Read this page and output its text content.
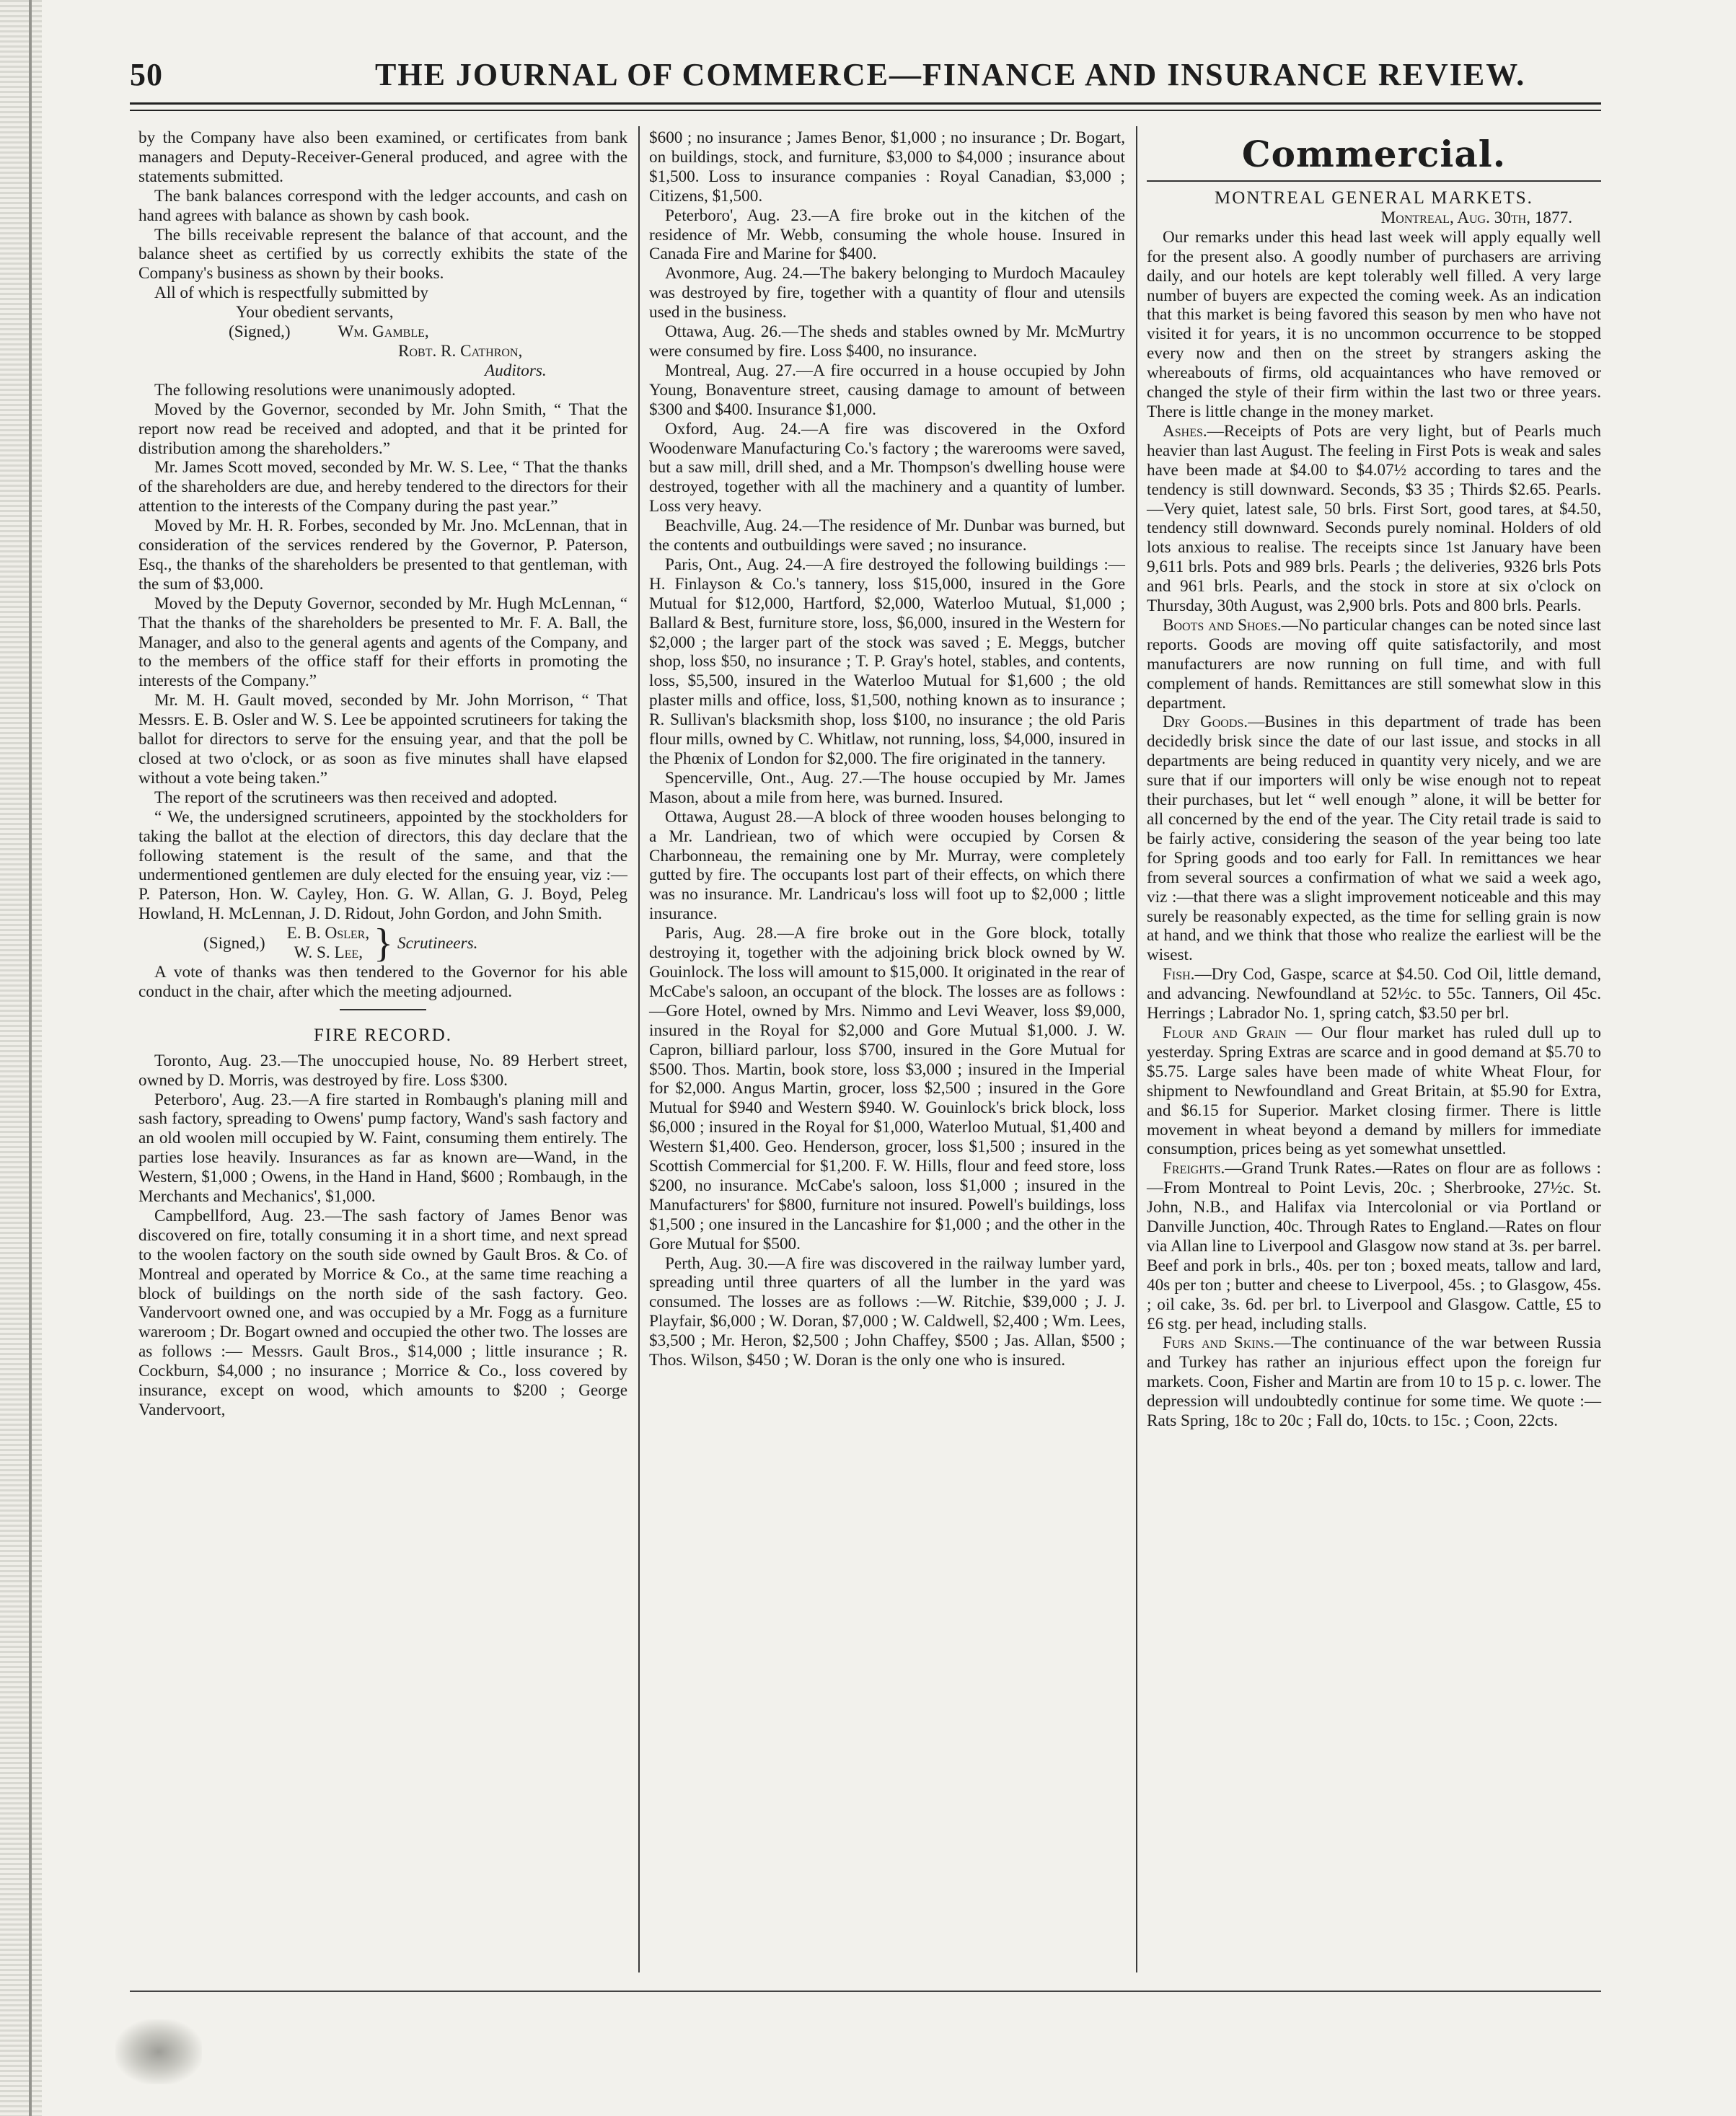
50	THE JOURNAL OF COMMERCE—FINANCE AND INSURANCE REVIEW.

by the Company have also been examined, or certificates from bank managers and Deputy-Receiver-General produced, and agree with the statements submitted.

The bank balances correspond with the ledger accounts, and cash on hand agrees with balance as shown by cash book.

The bills receivable represent the balance of that account, and the balance sheet as certified by us correctly exhibits the state of the Company's business as shown by their books.

All of which is respectfully submitted by

Your obedient servants,

(Signed,)	Wm. Gamble,

Robt. R. Cathron,

Auditors.

The following resolutions were unanimously adopted.

Moved by the Governor, seconded by Mr. John Smith, “ That the report now read be received and adopted, and that it be printed for distribution among the shareholders.”

Mr. James Scott moved, seconded by Mr. W. S. Lee, “ That the thanks of the shareholders are due, and hereby tendered to the directors for their attention to the interests of the Company during the past year.”

Moved by Mr. H. R. Forbes, seconded by Mr. Jno. McLennan, that in consideration of the services rendered by the Governor, P. Paterson, Esq., the thanks of the shareholders be presented to that gentleman, with the sum of $3,000.

Moved by the Deputy Governor, seconded by Mr. Hugh McLennan, “ That the thanks of the shareholders be presented to Mr. F. A. Ball, the Manager, and also to the general agents and agents of the Company, and to the members of the office staff for their efforts in promoting the interests of the Company.”

Mr. M. H. Gault moved, seconded by Mr. John Morrison, “ That Messrs. E. B. Osler and W. S. Lee be appointed scrutineers for taking the ballot for directors to serve for the ensuing year, and that the poll be closed at two o'clock, or as soon as five minutes shall have elapsed without a vote being taken.”

The report of the scrutineers was then received and adopted.

“ We, the undersigned scrutineers, appointed by the stockholders for taking the ballot at the election of directors, this day declare that the following statement is the result of the same, and that the undermentioned gentlemen are duly elected for the ensuing year, viz :—P. Paterson, Hon. W. Cayley, Hon. G. W. Allan, G. J. Boyd, Peleg Howland, H. McLennan, J. D. Ridout, John Gordon, and John Smith.

(Signed,)
E. B. Osler,
W. S. Lee, } Scrutineers.

A vote of thanks was then tendered to the Governor for his able conduct in the chair, after which the meeting adjourned.

FIRE RECORD.

Toronto, Aug. 23.—The unoccupied house, No. 89 Herbert street, owned by D. Morris, was destroyed by fire. Loss $300.

Peterboro', Aug. 23.—A fire started in Rombaugh's planing mill and sash factory, spreading to Owens' pump factory, Wand's sash factory and an old woolen mill occupied by W. Faint, consuming them entirely. The parties lose heavily. Insurances as far as known are—Wand, in the Western, $1,000 ; Owens, in the Hand in Hand, $600 ; Rombaugh, in the Merchants and Mechanics', $1,000.

Campbellford, Aug. 23.—The sash factory of James Benor was discovered on fire, totally consuming it in a short time, and next spread to the woolen factory on the south side owned by Gault Bros. & Co. of Montreal and operated by Morrice & Co., at the same time reaching a block of buildings on the north side of the sash factory. Geo. Vandervoort owned one, and was occupied by a Mr. Fogg as a furniture wareroom ; Dr. Bogart owned and occupied the other two. The losses are as follows :— Messrs. Gault Bros., $14,000 ; little insurance ; R. Cockburn, $4,000 ; no insurance ; Morrice & Co., loss covered by insurance, except on wood, which amounts to $200 ; George Vandervoort,

$600 ; no insurance ; James Benor, $1,000 ; no insurance ; Dr. Bogart, on buildings, stock, and furniture, $3,000 to $4,000 ; insurance about $1,500. Loss to insurance companies : Royal Canadian, $3,000 ; Citizens, $1,500.

Peterboro', Aug. 23.—A fire broke out in the kitchen of the residence of Mr. Webb, consuming the whole house. Insured in Canada Fire and Marine for $400.

Avonmore, Aug. 24.—The bakery belonging to Murdoch Macauley was destroyed by fire, together with a quantity of flour and utensils used in the business.

Ottawa, Aug. 26.—The sheds and stables owned by Mr. McMurtry were consumed by fire. Loss $400, no insurance.

Montreal, Aug. 27.—A fire occurred in a house occupied by John Young, Bonaventure street, causing damage to amount of between $300 and $400. Insurance $1,000.

Oxford, Aug. 24.—A fire was discovered in the Oxford Woodenware Manufacturing Co.'s factory ; the warerooms were saved, but a saw mill, drill shed, and a Mr. Thompson's dwelling house were destroyed, together with all the machinery and a quantity of lumber. Loss very heavy.

Beachville, Aug. 24.—The residence of Mr. Dunbar was burned, but the contents and outbuildings were saved ; no insurance.

Paris, Ont., Aug. 24.—A fire destroyed the following buildings :—H. Finlayson & Co.'s tannery, loss $15,000, insured in the Gore Mutual for $12,000, Hartford, $2,000, Waterloo Mutual, $1,000 ; Ballard & Best, furniture store, loss, $6,000, insured in the Western for $2,000 ; the larger part of the stock was saved ; E. Meggs, butcher shop, loss $50, no insurance ; T. P. Gray's hotel, stables, and contents, loss, $5,500, insured in the Waterloo Mutual for $1,600 ; the old plaster mills and office, loss, $1,500, nothing known as to insurance ; R. Sullivan's blacksmith shop, loss $100, no insurance ; the old Paris flour mills, owned by C. Whitlaw, not running, loss, $4,000, insured in the Phœnix of London for $2,000. The fire originated in the tannery.

Spencerville, Ont., Aug. 27.—The house occupied by Mr. James Mason, about a mile from here, was burned. Insured.

Ottawa, August 28.—A block of three wooden houses belonging to a Mr. Landriean, two of which were occupied by Corsen & Charbonneau, the remaining one by Mr. Murray, were completely gutted by fire. The occupants lost part of their effects, on which there was no insurance. Mr. Landricau's loss will foot up to $2,000 ; little insurance.

Paris, Aug. 28.—A fire broke out in the Gore block, totally destroying it, together with the adjoining brick block owned by W. Gouinlock. The loss will amount to $15,000. It originated in the rear of McCabe's saloon, an occupant of the block. The losses are as follows :—Gore Hotel, owned by Mrs. Nimmo and Levi Weaver, loss $9,000, insured in the Royal for $2,000 and Gore Mutual $1,000. J. W. Capron, billiard parlour, loss $700, insured in the Gore Mutual for $500. Thos. Martin, book store, loss $3,000 ; insured in the Imperial for $2,000. Angus Martin, grocer, loss $2,500 ; insured in the Gore Mutual for $940 and Western $940. W. Gouinlock's brick block, loss $6,000 ; insured in the Royal for $1,000, Waterloo Mutual, $1,400 and Western $1,400. Geo. Henderson, grocer, loss $1,500 ; insured in the Scottish Commercial for $1,200. F. W. Hills, flour and feed store, loss $200, no insurance. McCabe's saloon, loss $1,000 ; insured in the Manufacturers' for $800, furniture not insured. Powell's buildings, loss $1,500 ; one insured in the Lancashire for $1,000 ; and the other in the Gore Mutual for $500.

Perth, Aug. 30.—A fire was discovered in the railway lumber yard, spreading until three quarters of all the lumber in the yard was consumed. The losses are as follows :—W. Ritchie, $39,000 ; J. J. Playfair, $6,000 ; W. Doran, $7,000 ; W. Caldwell, $2,400 ; Wm. Lees, $3,500 ; Mr. Heron, $2,500 ; John Chaffey, $500 ; Jas. Allan, $500 ; Thos. Wilson, $450 ; W. Doran is the only one who is insured.

Commercial.

MONTREAL GENERAL MARKETS.

Montreal, Aug. 30th, 1877.

Our remarks under this head last week will apply equally well for the present also. A goodly number of purchasers are arriving daily, and our hotels are kept tolerably well filled. A very large number of buyers are expected the coming week. As an indication that this market is being favored this season by men who have not visited it for years, it is no uncommon occurrence to be stopped every now and then on the street by strangers asking the whereabouts of firms, old acquaintances who have removed or changed the style of their firm within the last two or three years. There is little change in the money market.

Ashes.—Receipts of Pots are very light, but of Pearls much heavier than last August. The feeling in First Pots is weak and sales have been made at $4.00 to $4.07½ according to tares and the tendency is still downward. Seconds, $3 35 ; Thirds $2.65. Pearls.—Very quiet, latest sale, 50 brls. First Sort, good tares, at $4.50, tendency still downward. Seconds purely nominal. Holders of old lots anxious to realise. The receipts since 1st January have been 9,611 brls. Pots and 989 brls. Pearls ; the deliveries, 9326 brls Pots and 961 brls. Pearls, and the stock in store at six o'clock on Thursday, 30th August, was 2,900 brls. Pots and 800 brls. Pearls.

Boots and Shoes.—No particular changes can be noted since last reports. Goods are moving off quite satisfactorily, and most manufacturers are now running on full time, and with full complement of hands. Remittances are still somewhat slow in this department.

Dry Goods.—Busines in this department of trade has been decidedly brisk since the date of our last issue, and stocks in all departments are being reduced in quantity very nicely, and we are sure that if our importers will only be wise enough not to repeat their purchases, but let “ well enough ” alone, it will be better for all concerned by the end of the year. The City retail trade is said to be fairly active, considering the season of the year being too late for Spring goods and too early for Fall. In remittances we hear from several sources a confirmation of what we said a week ago, viz :—that there was a slight improvement noticeable and this may surely be reasonably expected, as the time for selling grain is now at hand, and we think that those who realize the earliest will be the wisest.

Fish.—Dry Cod, Gaspe, scarce at $4.50. Cod Oil, little demand, and advancing. Newfoundland at 52½c. to 55c. Tanners, Oil 45c. Herrings ; Labrador No. 1, spring catch, $3.50 per brl.

Flour and Grain — Our flour market has ruled dull up to yesterday. Spring Extras are scarce and in good demand at $5.70 to $5.75. Large sales have been made of white Wheat Flour, for shipment to Newfoundland and Great Britain, at $5.90 for Extra, and $6.15 for Superior. Market closing firmer. There is little movement in wheat beyond a demand by millers for immediate consumption, prices being as yet somewhat unsettled.

Freights.—Grand Trunk Rates.—Rates on flour are as follows :—From Montreal to Point Levis, 20c. ; Sherbrooke, 27½c. St. John, N.B., and Halifax via Intercolonial or via Portland or Danville Junction, 40c. Through Rates to England.—Rates on flour via Allan line to Liverpool and Glasgow now stand at 3s. per barrel. Beef and pork in brls., 40s. per ton ; boxed meats, tallow and lard, 40s per ton ; butter and cheese to Liverpool, 45s. ; to Glasgow, 45s. ; oil cake, 3s. 6d. per brl. to Liverpool and Glasgow. Cattle, £5 to £6 stg. per head, including stalls.

Furs and Skins.—The continuance of the war between Russia and Turkey has rather an injurious effect upon the foreign fur markets. Coon, Fisher and Martin are from 10 to 15 p. c. lower. The depression will undoubtedly continue for some time. We quote :—Rats Spring, 18c to 20c ; Fall do, 10cts. to 15c. ; Coon, 22cts.
